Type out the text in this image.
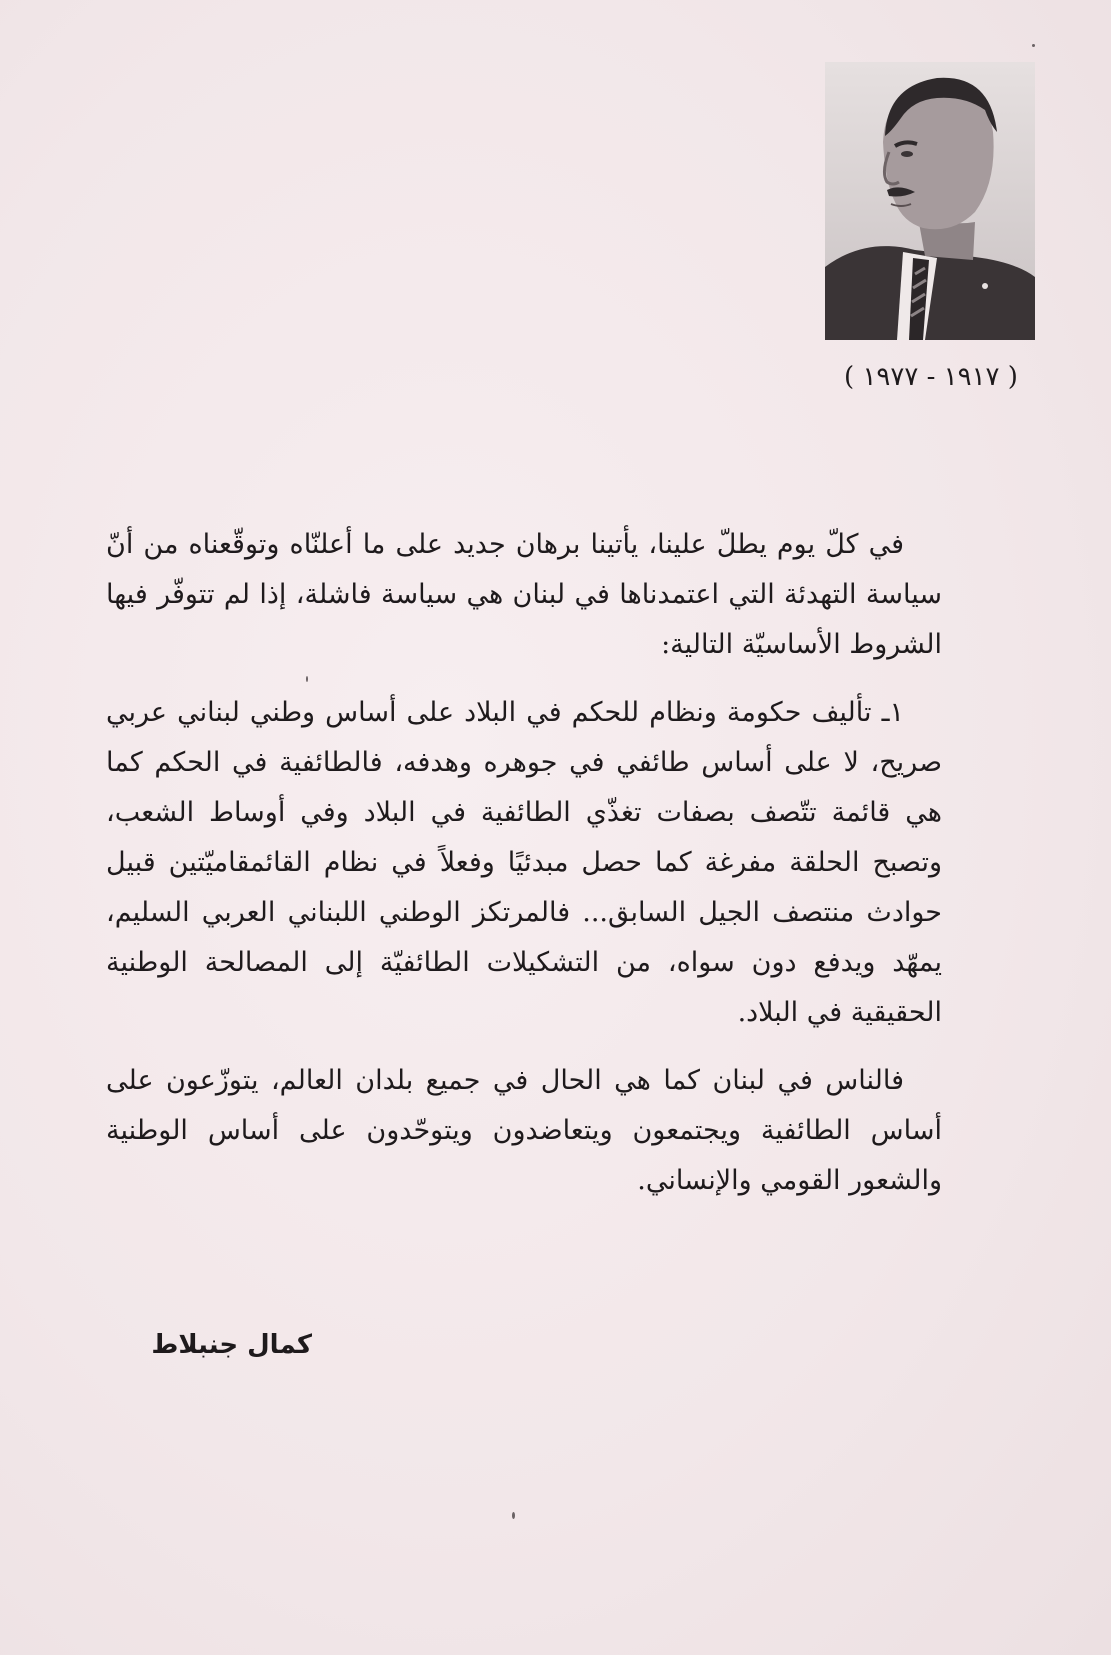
( ١٩١٧ - ١٩٧٧ )

في كلّ يوم يطلّ علينا، يأتينا برهان جديد على ما أعلنّاه وتوقّعناه من أنّ سياسة التهدئة التي اعتمدناها في لبنان هي سياسة فاشلة، إذا لم تتوفّر فيها الشروط الأساسيّة التالية:

١ـ تأليف حكومة ونظام للحكم في البلاد على أساس وطني لبناني عربي صريح، لا على أساس طائفي في جوهره وهدفه، فالطائفية في الحكم كما هي قائمة تتّصف بصفات تغذّي الطائفية في البلاد وفي أوساط الشعب، وتصبح الحلقة مفرغة كما حصل مبدئيًا وفعلاً في نظام القائمقاميّتين قبيل حوادث منتصف الجيل السابق... فالمرتكز الوطني اللبناني العربي السليم، يمهّد ويدفع دون سواه، من التشكيلات الطائفيّة إلى المصالحة الوطنية الحقيقية في البلاد.

فالناس في لبنان كما هي الحال في جميع بلدان العالم، يتوزّعون على أساس الطائفية ويجتمعون ويتعاضدون ويتوحّدون على أساس الوطنية والشعور القومي والإنساني.

كمال جنبلاط
